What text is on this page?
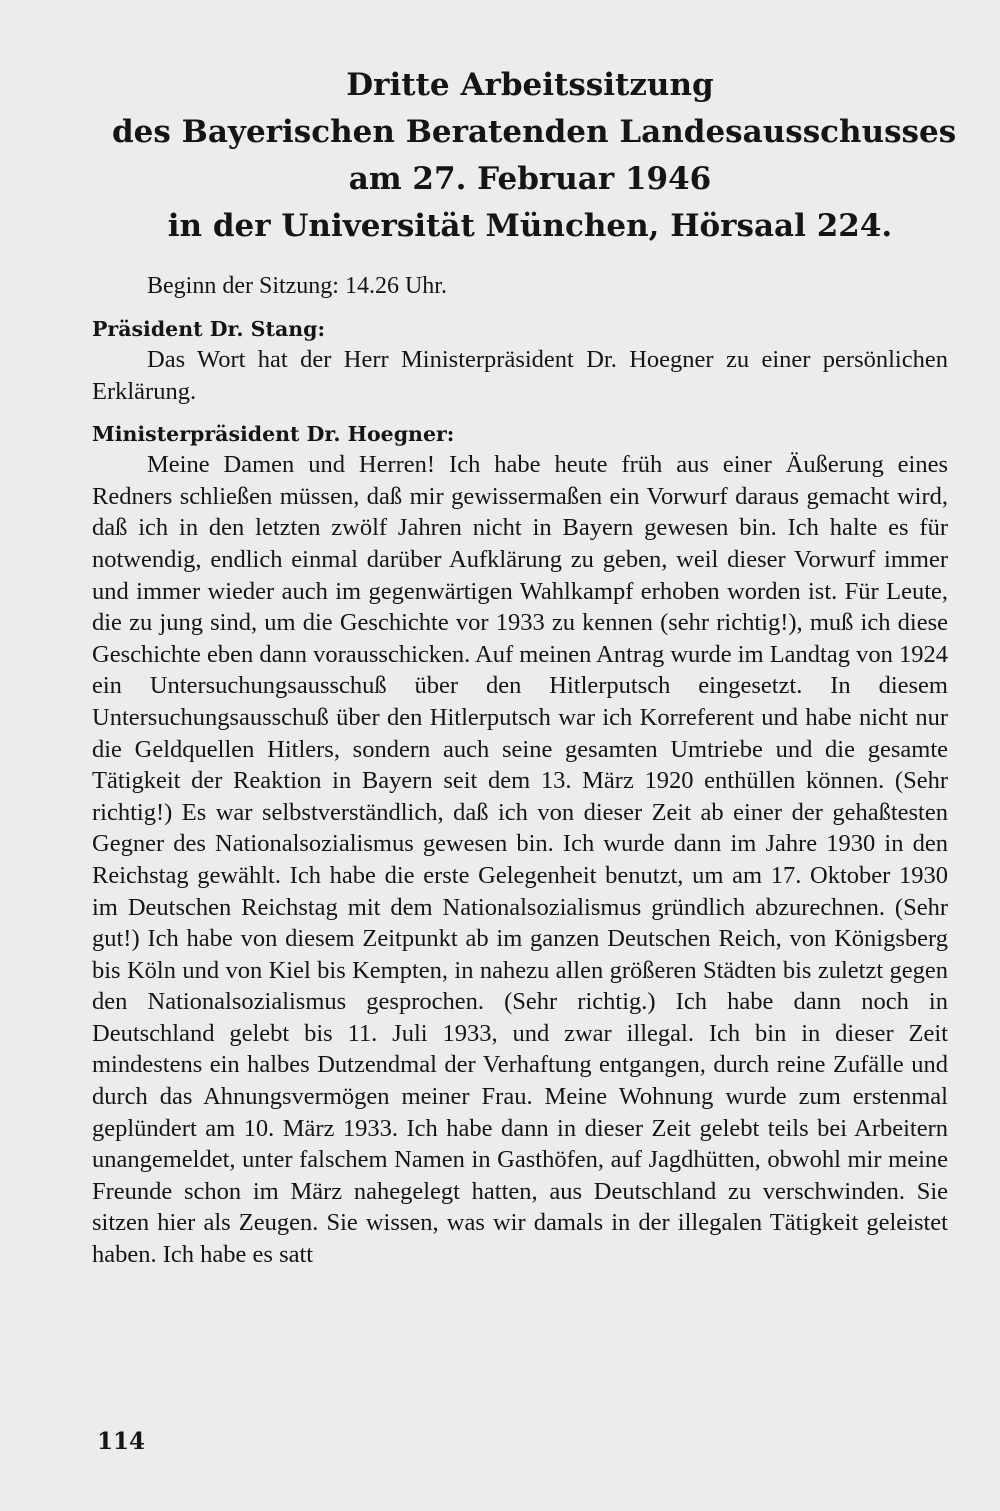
Dritte Arbeitssitzung
des Bayerischen Beratenden Landesausschusses
am 27. Februar 1946
in der Universität München, Hörsaal 224.
Beginn der Sitzung: 14.26 Uhr.
Präsident Dr. Stang:

Das Wort hat der Herr Ministerpräsident Dr. Hoegner zu einer persönlichen Erklärung.

Ministerpräsident Dr. Hoegner:

Meine Damen und Herren! Ich habe heute früh aus einer Äußerung eines Redners schließen müssen, daß mir gewissermaßen ein Vorwurf daraus gemacht wird, daß ich in den letzten zwölf Jahren nicht in Bayern gewesen bin. Ich halte es für notwendig, endlich einmal darüber Aufklärung zu geben, weil dieser Vorwurf immer und immer wieder auch im gegenwärtigen Wahlkampf erhoben worden ist. Für Leute, die zu jung sind, um die Geschichte vor 1933 zu kennen (sehr richtig!), muß ich diese Geschichte eben dann vorausschicken. Auf meinen Antrag wurde im Landtag von 1924 ein Untersuchungsausschuß über den Hitlerputsch eingesetzt. In diesem Untersuchungsausschuß über den Hitlerputsch war ich Korreferent und habe nicht nur die Geldquellen Hitlers, sondern auch seine gesamten Umtriebe und die gesamte Tätigkeit der Reaktion in Bayern seit dem 13. März 1920 enthüllen können. (Sehr richtig!) Es war selbstverständlich, daß ich von dieser Zeit ab einer der gehaßtesten Gegner des Nationalsozialismus gewesen bin. Ich wurde dann im Jahre 1930 in den Reichstag gewählt. Ich habe die erste Gelegenheit benutzt, um am 17. Oktober 1930 im Deutschen Reichstag mit dem Nationalsozialismus gründlich abzurechnen. (Sehr gut!) Ich habe von diesem Zeitpunkt ab im ganzen Deutschen Reich, von Königsberg bis Köln und von Kiel bis Kempten, in nahezu allen größeren Städten bis zuletzt gegen den Nationalsozialismus gesprochen. (Sehr richtig.) Ich habe dann noch in Deutschland gelebt bis 11. Juli 1933, und zwar illegal. Ich bin in dieser Zeit mindestens ein halbes Dutzendmal der Verhaftung entgangen, durch reine Zufälle und durch das Ahnungsvermögen meiner Frau. Meine Wohnung wurde zum erstenmal geplündert am 10. März 1933. Ich habe dann in dieser Zeit gelebt teils bei Arbeitern unangemeldet, unter falschem Namen in Gasthöfen, auf Jagdhütten, obwohl mir meine Freunde schon im März nahegelegt hatten, aus Deutschland zu verschwinden. Sie sitzen hier als Zeugen. Sie wissen, was wir damals in der illegalen Tätigkeit geleistet haben. Ich habe es satt

114
